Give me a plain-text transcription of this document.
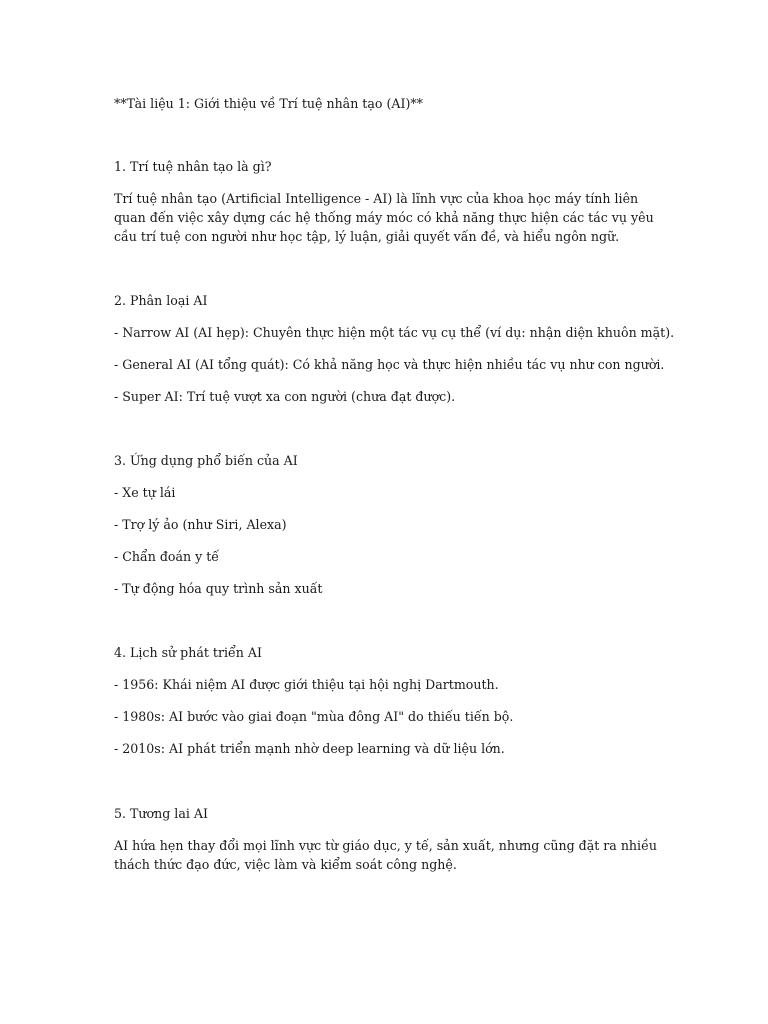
**Tài liệu 1: Giới thiệu về Trí tuệ nhân tạo (AI)**
1. Trí tuệ nhân tạo là gì?
Trí tuệ nhân tạo (Artificial Intelligence - AI) là lĩnh vực của khoa học máy tính liên quan đến việc xây dựng các hệ thống máy móc có khả năng thực hiện các tác vụ yêu cầu trí tuệ con người như học tập, lý luận, giải quyết vấn đề, và hiểu ngôn ngữ.
2. Phân loại AI
- Narrow AI (AI hẹp): Chuyên thực hiện một tác vụ cụ thể (ví dụ: nhận diện khuôn mặt).
- General AI (AI tổng quát): Có khả năng học và thực hiện nhiều tác vụ như con người.
- Super AI: Trí tuệ vượt xa con người (chưa đạt được).
3. Ứng dụng phổ biến của AI
- Xe tự lái
- Trợ lý ảo (như Siri, Alexa)
- Chẩn đoán y tế
- Tự động hóa quy trình sản xuất
4. Lịch sử phát triển AI
- 1956: Khái niệm AI được giới thiệu tại hội nghị Dartmouth.
- 1980s: AI bước vào giai đoạn "mùa đông AI" do thiếu tiến bộ.
- 2010s: AI phát triển mạnh nhờ deep learning và dữ liệu lớn.
5. Tương lai AI
AI hứa hẹn thay đổi mọi lĩnh vực từ giáo dục, y tế, sản xuất, nhưng cũng đặt ra nhiều thách thức đạo đức, việc làm và kiểm soát công nghệ.
